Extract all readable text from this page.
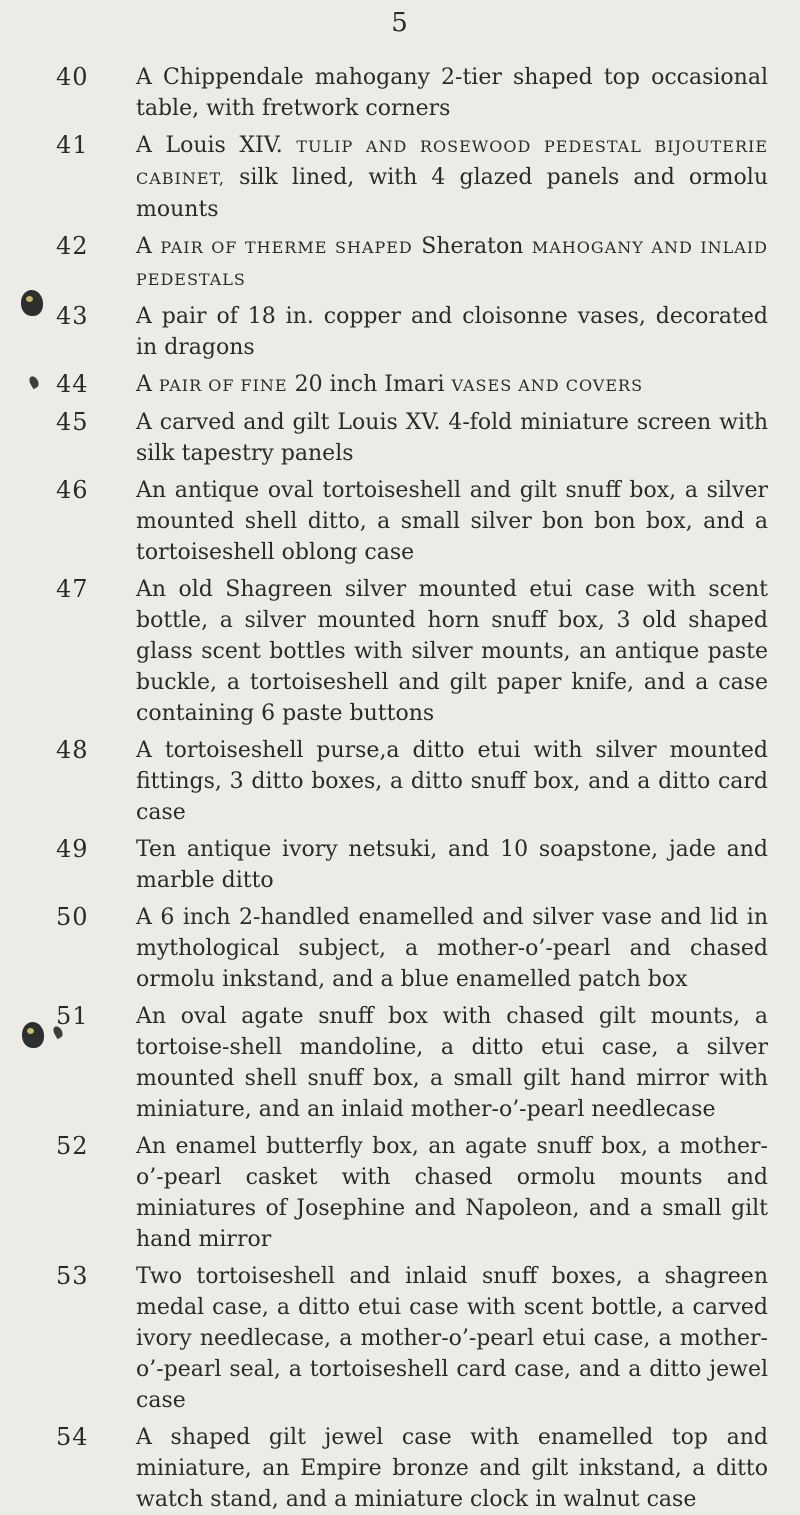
5
40	A Chippendale mahogany 2-tier shaped top occasional table, with fretwork corners
41	A Louis XIV. TULIP AND ROSEWOOD PEDESTAL BIJOUTERIE CABINET, silk lined, with 4 glazed panels and ormolu mounts
42	A PAIR OF THERME SHAPED Sheraton MAHOGANY AND INLAID PEDESTALS
43	A pair of 18 in. copper and cloisonne vases, decorated in dragons
44	A PAIR OF FINE 20 inch Imari VASES AND COVERS
45	A carved and gilt Louis XV. 4-fold miniature screen with silk tapestry panels
46	An antique oval tortoiseshell and gilt snuff box, a silver mounted shell ditto, a small silver bon bon box, and a tortoiseshell oblong case
47	An old Shagreen silver mounted etui case with scent bottle, a silver mounted horn snuff box, 3 old shaped glass scent bottles with silver mounts, an antique paste buckle, a tortoiseshell and gilt paper knife, and a case containing 6 paste buttons
48	A tortoiseshell purse,a ditto etui with silver mounted fittings, 3 ditto boxes, a ditto snuff box, and a ditto card case
49	Ten antique ivory netsuki, and 10 soapstone, jade and marble ditto
50	A 6 inch 2-handled enamelled and silver vase and lid in mythological subject, a mother-o’-pearl and chased ormolu inkstand, and a blue enamelled patch box
51	An oval agate snuff box with chased gilt mounts, a tortoise-shell mandoline, a ditto etui case, a silver mounted shell snuff box, a small gilt hand mirror with miniature, and an inlaid mother-o’-pearl needlecase
52	An enamel butterfly box, an agate snuff box, a mother-o’-pearl casket with chased ormolu mounts and miniatures of Josephine and Napoleon, and a small gilt hand mirror
53	Two tortoiseshell and inlaid snuff boxes, a shagreen medal case, a ditto etui case with scent bottle, a carved ivory needlecase, a mother-o’-pearl etui case, a mother-o’-pearl seal, a tortoiseshell card case, and a ditto jewel case
54	A shaped gilt jewel case with enamelled top and miniature, an Empire bronze and gilt inkstand, a ditto watch stand, and a miniature clock in walnut case
